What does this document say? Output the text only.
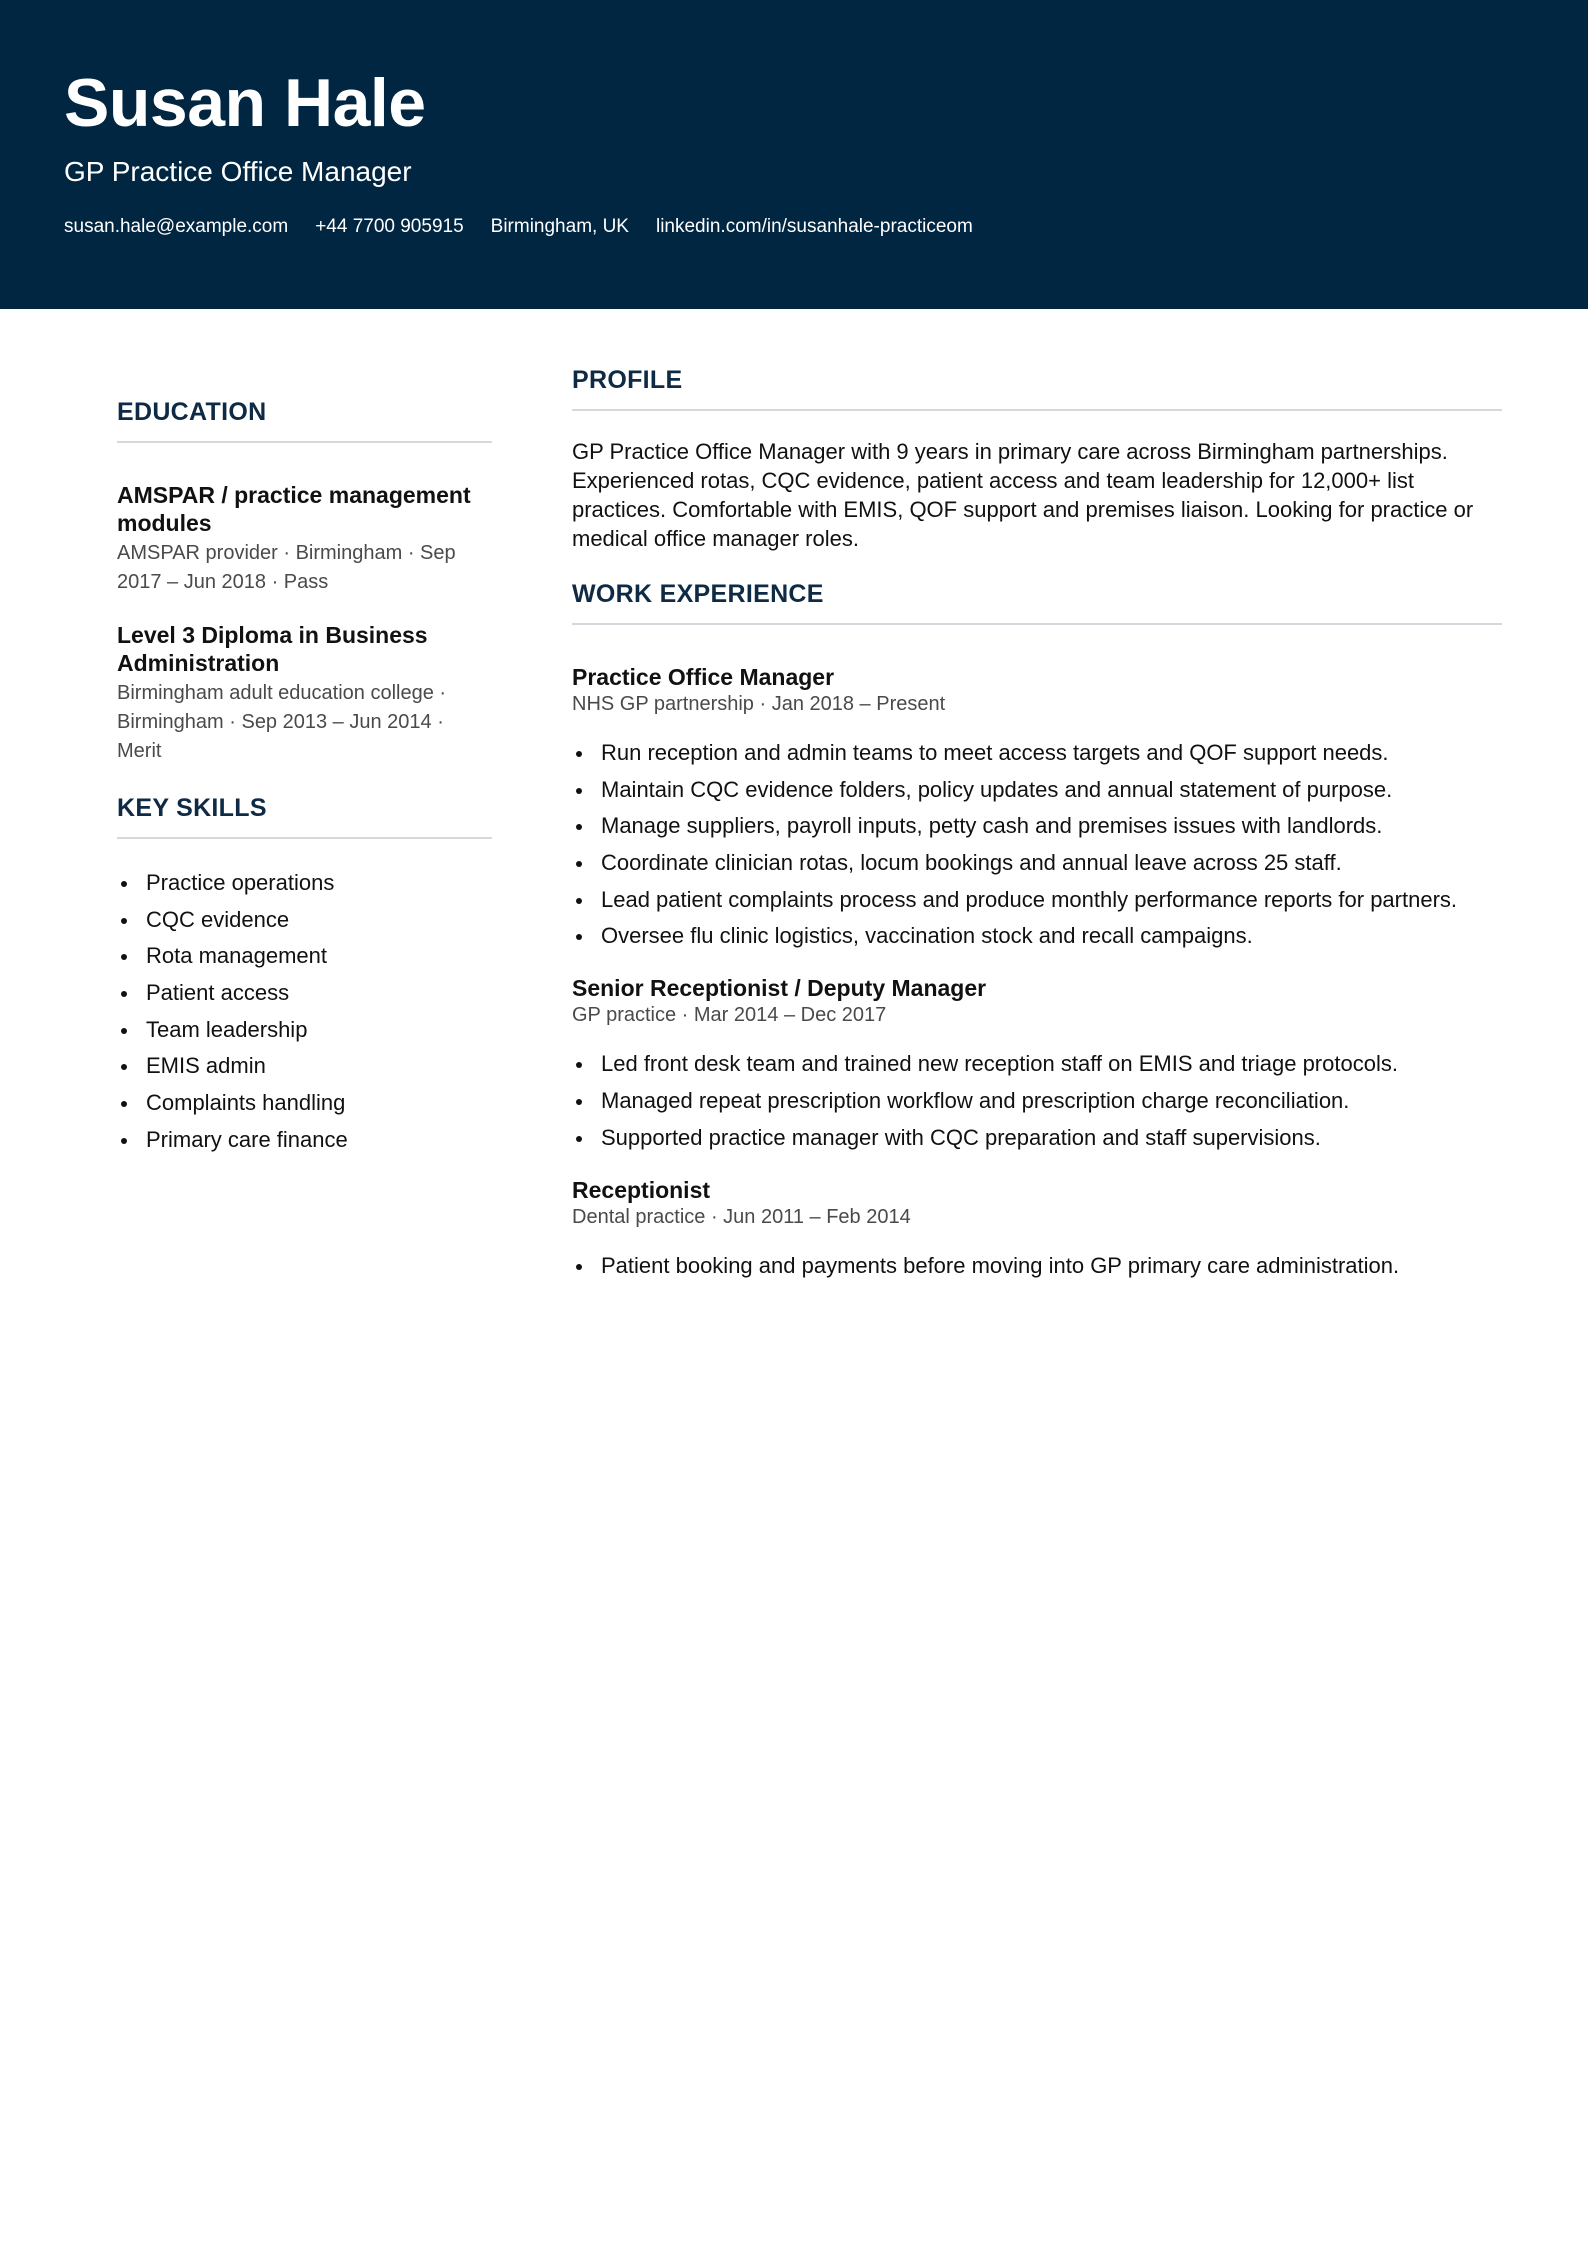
Susan Hale
GP Practice Office Manager
susan.hale@example.com +44 7700 905915 Birmingham, UK linkedin.com/in/susanhale-practiceom
EDUCATION
AMSPAR / practice management modules
AMSPAR provider · Birmingham · Sep 2017 – Jun 2018 · Pass
Level 3 Diploma in Business Administration
Birmingham adult education college · Birmingham · Sep 2013 – Jun 2014 · Merit
KEY SKILLS
Practice operations
CQC evidence
Rota management
Patient access
Team leadership
EMIS admin
Complaints handling
Primary care finance
PROFILE

GP Practice Office Manager with 9 years in primary care across Birmingham partnerships. Experienced rotas, CQC evidence, patient access and team leadership for 12,000+ list practices. Comfortable with EMIS, QOF support and premises liaison. Looking for practice or medical office manager roles.

WORK EXPERIENCE
Practice Office Manager
NHS GP partnership · Jan 2018 – Present
Run reception and admin teams to meet access targets and QOF support needs.
Maintain CQC evidence folders, policy updates and annual statement of purpose.
Manage suppliers, payroll inputs, petty cash and premises issues with landlords.
Coordinate clinician rotas, locum bookings and annual leave across 25 staff.
Lead patient complaints process and produce monthly performance reports for partners.
Oversee flu clinic logistics, vaccination stock and recall campaigns.
Senior Receptionist / Deputy Manager
GP practice · Mar 2014 – Dec 2017
Led front desk team and trained new reception staff on EMIS and triage protocols.
Managed repeat prescription workflow and prescription charge reconciliation.
Supported practice manager with CQC preparation and staff supervisions.
Receptionist
Dental practice · Jun 2011 – Feb 2014
Patient booking and payments before moving into GP primary care administration.
